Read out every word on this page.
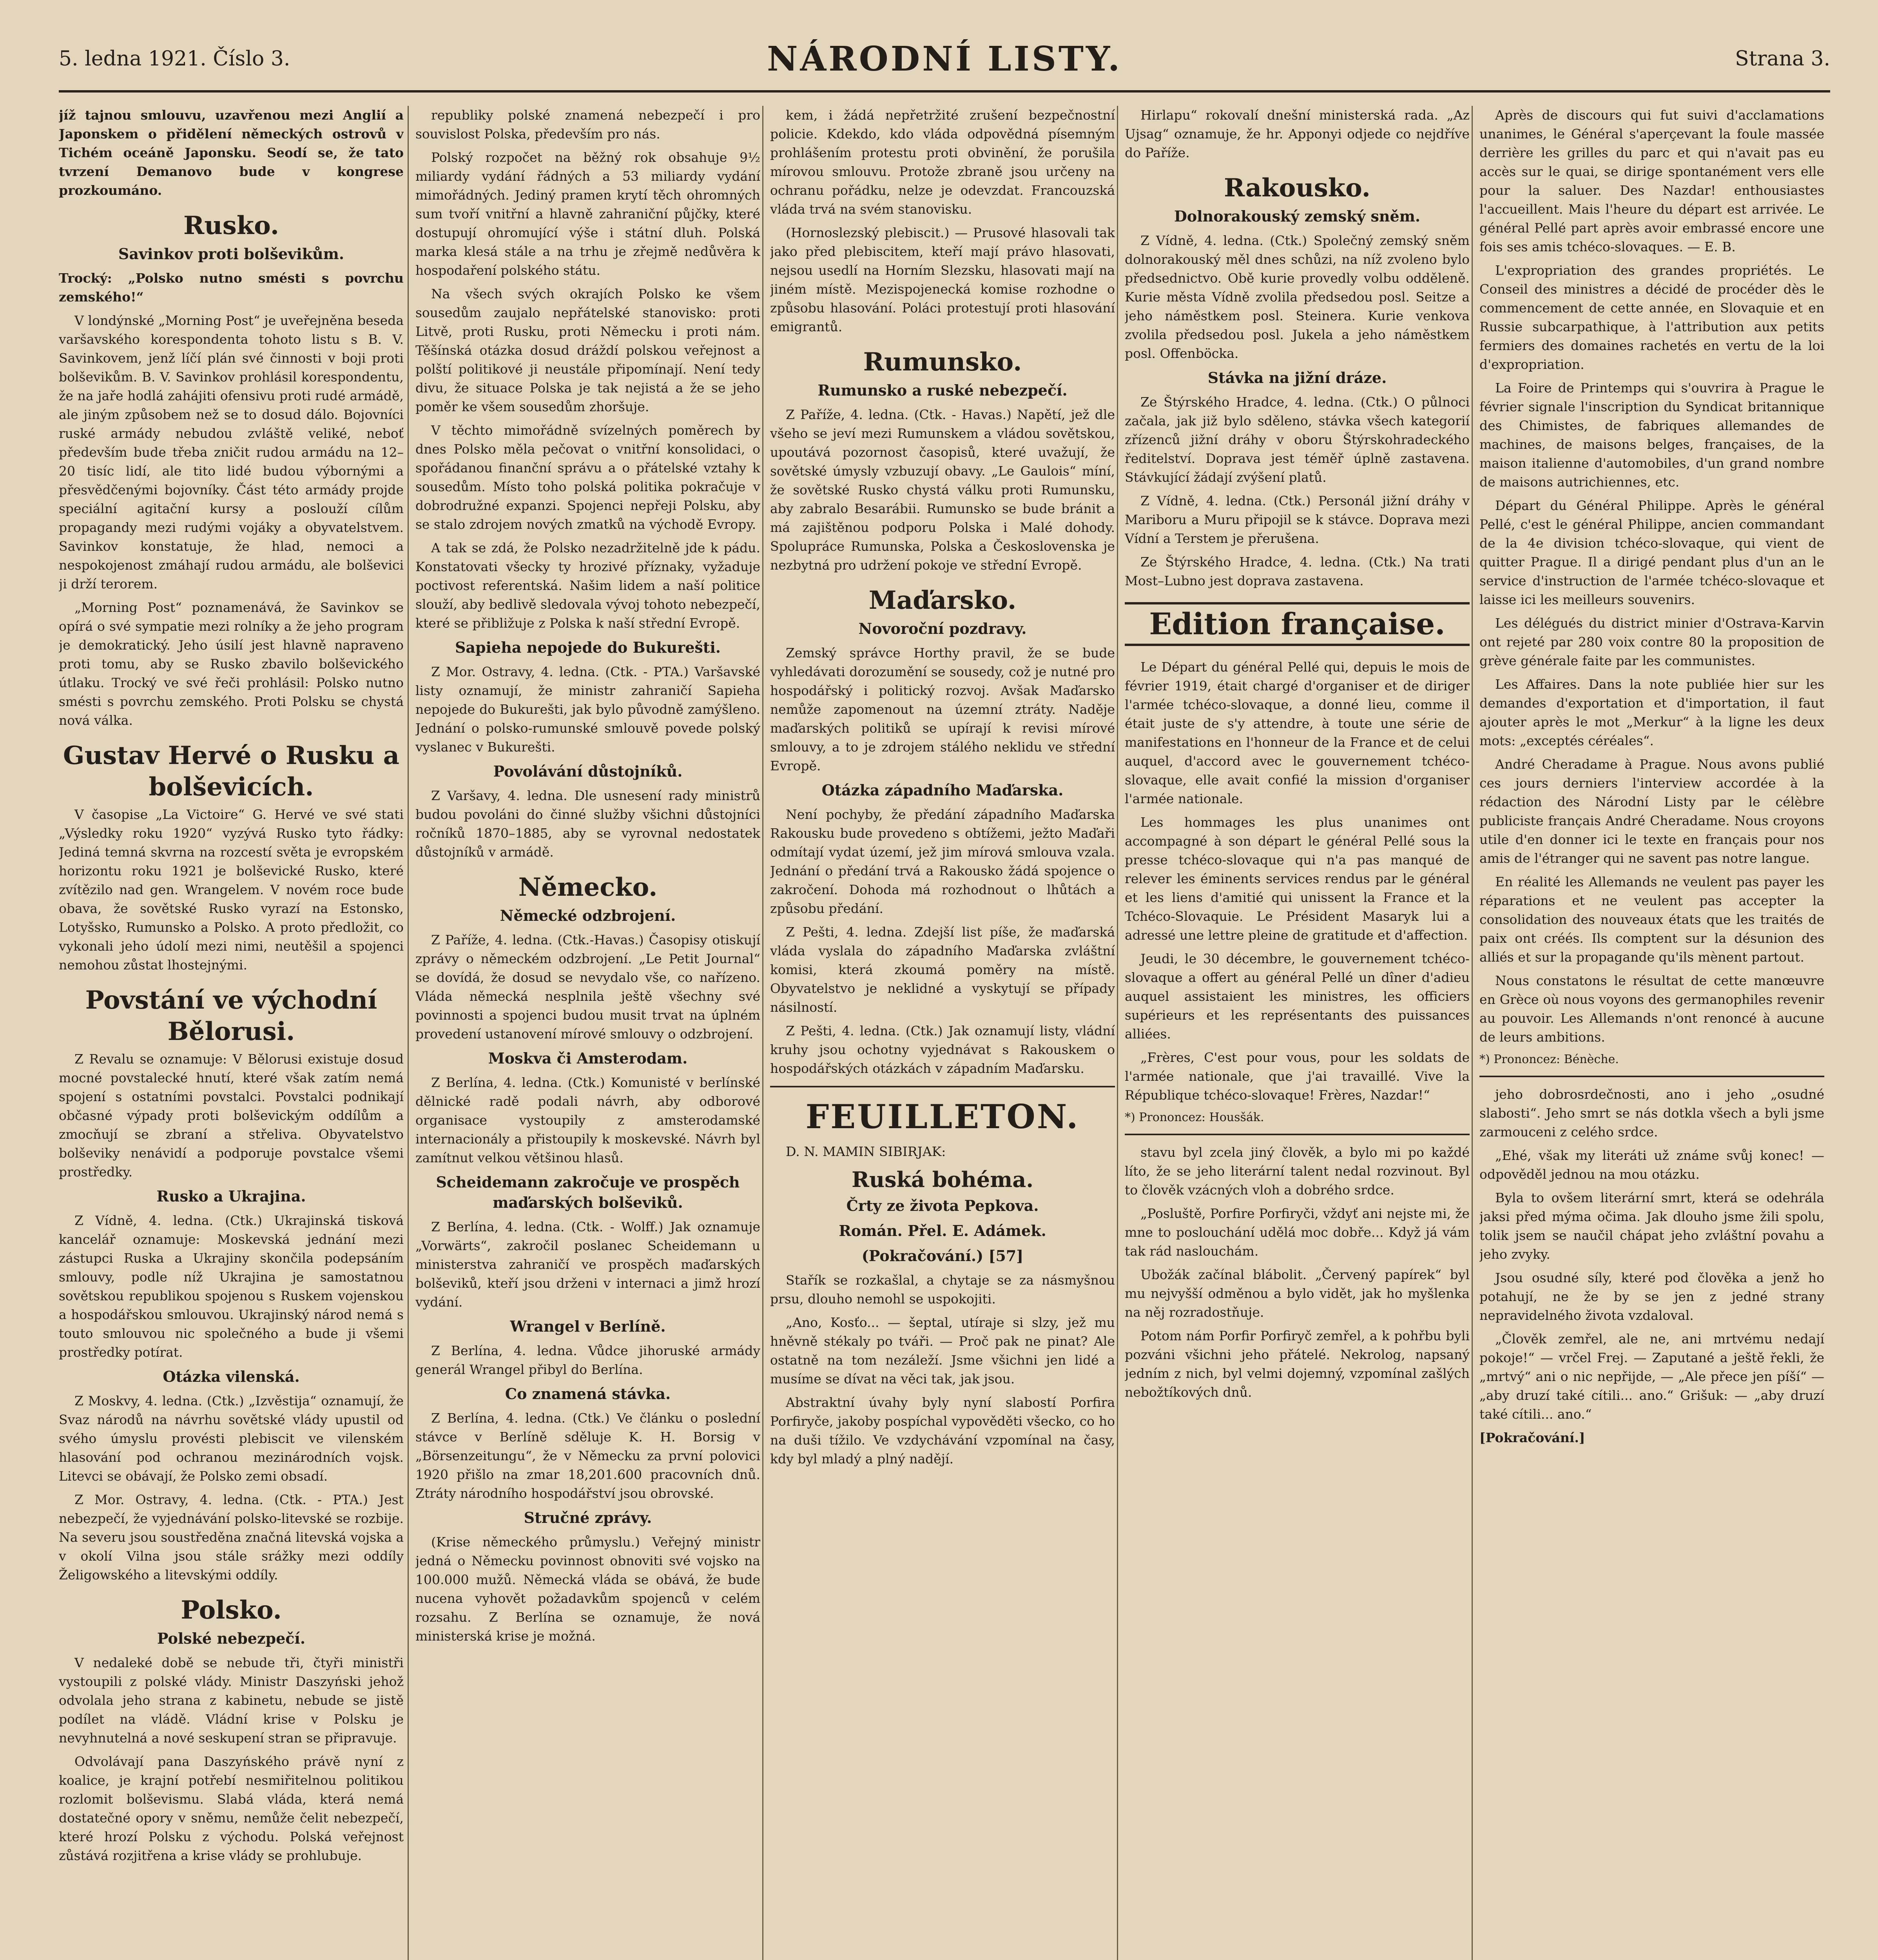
5. ledna 1921. Číslo 3.	NÁRODNÍ LISTY.	Strana 3.

jíž tajnou smlouvu, uzavřenou mezi Anglií a Japonskem o přidělení německých ostrovů v Tichém oceáně Japonsku. Seodí se, že tato tvrzení Demanovo bude v kongrese prozkoumáno.

Rusko.
Savinkov proti bolševikům.

Trocký: „Polsko nutno smésti s povrchu zemského!“

V londýnské „Morning Post“ je uveřejněna beseda varšavského korespondenta tohoto listu s B. V. Savinkovem, jenž líčí plán své činnosti v boji proti bolševikům. B. V. Savinkov prohlásil korespondentu, že na jaře hodlá zahájiti ofensivu proti rudé armádě, ale jiným způsobem než se to dosud dálo. Bojovníci ruské armády nebudou zvláště veliké, neboť především bude třeba zničit rudou armádu na 12–20 tisíc lidí, ale tito lidé budou výbornými a přesvědčenými bojovníky. Část této armády projde speciální agitační kursy a poslouží cílům propagandy mezi rudými vojáky a obyvatelstvem. Savinkov konstatuje, že hlad, nemoci a nespokojenost zmáhají rudou armádu, ale bolševici ji drží terorem.

„Morning Post“ poznamenává, že Savinkov se opírá o své sympatie mezi rolníky a že jeho program je demokratický. Jeho úsilí jest hlavně napraveno proti tomu, aby se Rusko zbavilo bolševického útlaku. Trocký ve své řeči prohlásil: Polsko nutno smésti s povrchu zemského. Proti Polsku se chystá nová válka.

Gustav Hervé o Rusku a bolševicích.

V časopise „La Victoire“ G. Hervé ve své stati „Výsledky roku 1920“ vyzývá Rusko tyto řádky: Jediná temná skvrna na rozcestí světa je evropském horizontu roku 1921 je bolševické Rusko, které zvítězilo nad gen. Wrangelem. V novém roce bude obava, že sovětské Rusko vyrazí na Estonsko, Lotyšsko, Rumunsko a Polsko. A proto předložit, co vykonali jeho údolí mezi nimi, neutěšil a spojenci nemohou zůstat lhostejnými.

Povstání ve východní Bělorusi.

Z Revalu se oznamuje: V Bělorusi existuje dosud mocné povstalecké hnutí, které však zatím nemá spojení s ostatními povstalci. Povstalci podnikají občasné výpady proti bolševickým oddílům a zmocňují se zbraní a střeliva. Obyvatelstvo bolševiky nenávidí a podporuje povstalce všemi prostředky.

Rusko a Ukrajina.

Z Vídně, 4. ledna. (Ctk.) Ukrajinská tisková kancelář oznamuje: Moskevská jednání mezi zástupci Ruska a Ukrajiny skončila podepsáním smlouvy, podle níž Ukrajina je samostatnou sovětskou republikou spojenou s Ruskem vojenskou a hospodářskou smlouvou. Ukrajinský národ nemá s touto smlouvou nic společného a bude ji všemi prostředky potírat.

Otázka vilenská.

Z Moskvy, 4. ledna. (Ctk.) „Izvěstija“ oznamují, že Svaz národů na návrhu sovětské vlády upustil od svého úmyslu provésti plebiscit ve vilenském hlasování pod ochranou mezinárodních vojsk. Litevci se obávají, že Polsko zemi obsadí.

Z Mor. Ostravy, 4. ledna. (Ctk. - PTA.) Jest nebezpečí, že vyjednávání polsko-litevské se rozbije. Na severu jsou soustředěna značná litevská vojska a v okolí Vilna jsou stále srážky mezi oddíly Želigowského a litevskými oddíly.

Polsko.
Polské nebezpečí.

V nedaleké době se nebude tři, čtyři ministři vystoupili z polské vlády. Ministr Daszyński jehož odvolala jeho strana z kabinetu, nebude se jistě podílet na vládě. Vládní krise v Polsku je nevyhnutelná a nové seskupení stran se připravuje.

Odvolávají pana Daszyńského právě nyní z koalice, je krajní potřebí nesmiřitelnou politikou rozlomit bolševismu. Slabá vláda, která nemá dostatečné opory v sněmu, nemůže čelit nebezpečí, které hrozí Polsku z východu. Polská veřejnost zůstává rozjitřena a krise vlády se prohlubuje.

republiky polské znamená nebezpečí i pro souvislost Polska, především pro nás.

Polský rozpočet na běžný rok obsahuje 9½ miliardy vydání řádných a 53 miliardy vydání mimořádných. Jediný pramen krytí těch ohromných sum tvoří vnitřní a hlavně zahraniční půjčky, které dostupují ohromující výše i státní dluh. Polská marka klesá stále a na trhu je zřejmě nedůvěra k hospodaření polského státu.

Na všech svých okrajích Polsko ke všem sousedům zaujalo nepřátelské stanovisko: proti Litvě, proti Rusku, proti Německu i proti nám. Těšínská otázka dosud dráždí polskou veřejnost a polští politikové ji neustále připomínají. Není tedy divu, že situace Polska je tak nejistá a že se jeho poměr ke všem sousedům zhoršuje.

V těchto mimořádně svízelných poměrech by dnes Polsko měla pečovat o vnitřní konsolidaci, o spořádanou finanční správu a o přátelské vztahy k sousedům. Místo toho polská politika pokračuje v dobrodružné expanzi. Spojenci nepřeji Polsku, aby se stalo zdrojem nových zmatků na východě Evropy.

A tak se zdá, že Polsko nezadržitelně jde k pádu. Konstatovati všecky ty hrozivé příznaky, vyžaduje poctivost referentská. Našim lidem a naší politice slouží, aby bedlivě sledovala vývoj tohoto nebezpečí, které se přibližuje z Polska k naší střední Evropě.

Sapieha nepojede do Bukurešti.

Z Mor. Ostravy, 4. ledna. (Ctk. - PTA.) Varšavské listy oznamují, že ministr zahraničí Sapieha nepojede do Bukurešti, jak bylo původně zamýšleno. Jednání o polsko-rumunské smlouvě povede polský vyslanec v Bukurešti.

Povolávání důstojníků.

Z Varšavy, 4. ledna. Dle usnesení rady ministrů budou povoláni do činné služby všichni důstojníci ročníků 1870–1885, aby se vyrovnal nedostatek důstojníků v armádě.

Německo.
Německé odzbrojení.

Z Paříže, 4. ledna. (Ctk.-Havas.) Časopisy otiskují zprávy o německém odzbrojení. „Le Petit Journal“ se dovídá, že dosud se nevydalo vše, co nařízeno. Vláda německá nesplnila ještě všechny své povinnosti a spojenci budou musit trvat na úplném provedení ustanovení mírové smlouvy o odzbrojení.

Moskva či Amsterodam.

Z Berlína, 4. ledna. (Ctk.) Komunisté v berlínské dělnické radě podali návrh, aby odborové organisace vystoupily z amsterodamské internacionály a přistoupily k moskevské. Návrh byl zamítnut velkou většinou hlasů.

Scheidemann zakročuje ve prospěch maďarských bolševiků.

Z Berlína, 4. ledna. (Ctk. - Wolff.) Jak oznamuje „Vorwärts“, zakročil poslanec Scheidemann u ministerstva zahraničí ve prospěch maďarských bolševiků, kteří jsou drženi v internaci a jimž hrozí vydání.

Wrangel v Berlíně.

Z Berlína, 4. ledna. Vůdce jihoruské armády generál Wrangel přibyl do Berlína.

Co znamená stávka.

Z Berlína, 4. ledna. (Ctk.) Ve článku o poslední stávce v Berlíně sděluje K. H. Borsig v „Börsenzeitungu“, že v Německu za první polovici 1920 přišlo na zmar 18,201.600 pracovních dnů. Ztráty národního hospodářství jsou obrovské.

Stručné zprávy.

(Krise německého průmyslu.) Veřejný ministr jedná o Německu povinnost obnoviti své vojsko na 100.000 mužů. Německá vláda se obává, že bude nucena vyhovět požadavkům spojenců v celém rozsahu. Z Berlína se oznamuje, že nová ministerská krise je možná.

kem, i žádá nepřetržité zrušení bezpečnostní policie. Kdekdo, kdo vláda odpovědná písemným prohlášením protestu proti obvinění, že porušila mírovou smlouvu. Protože zbraně jsou určeny na ochranu pořádku, nelze je odevzdat. Francouzská vláda trvá na svém stanovisku.

(Hornoslezský plebiscit.) — Prusové hlasovali tak jako před plebiscitem, kteří mají právo hlasovati, nejsou usedlí na Horním Slezsku, hlasovati mají na jiném místě. Mezispojenecká komise rozhodne o způsobu hlasování. Poláci protestují proti hlasování emigrantů.

Rumunsko.
Rumunsko a ruské nebezpečí.

Z Paříže, 4. ledna. (Ctk. - Havas.) Napětí, jež dle všeho se jeví mezi Rumunskem a vládou sovětskou, upoutává pozornost časopisů, které uvažují, že sovětské úmysly vzbuzují obavy. „Le Gaulois“ míní, že sovětské Rusko chystá válku proti Rumunsku, aby zabralo Besarábii. Rumunsko se bude bránit a má zajištěnou podporu Polska i Malé dohody. Spolupráce Rumunska, Polska a Československa je nezbytná pro udržení pokoje ve střední Evropě.

Maďarsko.
Novoroční pozdravy.

Zemský správce Horthy pravil, že se bude vyhledávati dorozumění se sousedy, což je nutné pro hospodářský i politický rozvoj. Avšak Maďarsko nemůže zapomenout na územní ztráty. Naděje maďarských politiků se upírají k revisi mírové smlouvy, a to je zdrojem stálého neklidu ve střední Evropě.

Otázka západního Maďarska.

Není pochyby, že předání západního Maďarska Rakousku bude provedeno s obtížemi, ježto Maďaři odmítají vydat území, jež jim mírová smlouva vzala. Jednání o předání trvá a Rakousko žádá spojence o zakročení. Dohoda má rozhodnout o lhůtách a způsobu předání.

Z Pešti, 4. ledna. Zdejší list píše, že maďarská vláda vyslala do západního Maďarska zvláštní komisi, která zkoumá poměry na místě. Obyvatelstvo je neklidné a vyskytují se případy násilností.

Z Pešti, 4. ledna. (Ctk.) Jak oznamují listy, vládní kruhy jsou ochotny vyjednávat s Rakouskem o hospodářských otázkách v západním Maďarsku.

FEUILLETON.

D. N. MAMIN SIBIRJAK:

Ruská bohéma.
Črty ze života Pepkova.
Román. Přel. E. Adámek.
(Pokračování.) [57]

Stařík se rozkašlal, a chytaje se za násmyšnou prsu, dlouho nemohl se uspokojiti.

„Ano, Kosťo... — šeptal, utíraje si slzy, jež mu hněvně stékaly po tváři. — Proč pak ne pinat? Ale ostatně na tom nezáleží. Jsme všichni jen lidé a musíme se dívat na věci tak, jak jsou.

Abstraktní úvahy byly nyní slabostí Porfira Porfiryče, jakoby pospíchal vypověděti všecko, co ho na duši tížilo. Ve vzdychávání vzpomínal na časy, kdy byl mladý a plný nadějí.

Hirlapu“ rokovalí dnešní ministerská rada. „Az Ujsag“ oznamuje, že hr. Apponyi odjede co nejdříve do Paříže.

Rakousko.
Dolnorakouský zemský sněm.

Z Vídně, 4. ledna. (Ctk.) Společný zemský sněm dolnorakouský měl dnes schůzi, na níž zvoleno bylo předsednictvo. Obě kurie provedly volbu odděleně. Kurie města Vídně zvolila předsedou posl. Seitze a jeho náměstkem posl. Steinera. Kurie venkova zvolila předsedou posl. Jukela a jeho náměstkem posl. Offenböcka.

Stávka na jižní dráze.

Ze Štýrského Hradce, 4. ledna. (Ctk.) O půlnoci začala, jak již bylo sděleno, stávka všech kategorií zřízenců jižní dráhy v oboru Štýrskohradeckého ředitelství. Doprava jest téměř úplně zastavena. Stávkující žádají zvýšení platů.

Z Vídně, 4. ledna. (Ctk.) Personál jižní dráhy v Mariboru a Muru připojil se k stávce. Doprava mezi Vídní a Terstem je přerušena.

Ze Štýrského Hradce, 4. ledna. (Ctk.) Na trati Most–Lubno jest doprava zastavena.

Edition française.

Le Départ du général Pellé qui, depuis le mois de février 1919, était chargé d'organiser et de diriger l'armée tchéco-slovaque, a donné lieu, comme il était juste de s'y attendre, à toute une série de manifestations en l'honneur de la France et de celui auquel, d'accord avec le gouvernement tchéco-slovaque, elle avait confié la mission d'organiser l'armée nationale.

Les hommages les plus unanimes ont accompagné à son départ le général Pellé sous la presse tchéco-slovaque qui n'a pas manqué de relever les éminents services rendus par le général et les liens d'amitié qui unissent la France et la Tchéco-Slovaquie. Le Président Masaryk lui a adressé une lettre pleine de gratitude et d'affection.

Jeudi, le 30 décembre, le gouvernement tchéco-slovaque a offert au général Pellé un dîner d'adieu auquel assistaient les ministres, les officiers supérieurs et les représentants des puissances alliées.

„Frères, C'est pour vous, pour les soldats de l'armée nationale, que j'ai travaillé. Vive la République tchéco-slovaque! Frères, Nazdar!“

*) Prononcez: Housšák.

stavu byl zcela jiný člověk, a bylo mi po každé líto, že se jeho literární talent nedal rozvinout. Byl to člověk vzácných vloh a dobrého srdce.

„Posluště, Porfire Porfiryči, vždyť ani nejste mi, že mne to poslouchání udělá moc dobře... Když já vám tak rád naslouchám.

Ubožák začínal blábolit. „Červený papírek“ byl mu nejvyšší odměnou a bylo vidět, jak ho myšlenka na něj rozradostňuje.

Potom nám Porfir Porfiryč zemřel, a k pohřbu byli pozváni všichni jeho přátelé. Nekrolog, napsaný jedním z nich, byl velmi dojemný, vzpomínal zašlých nebožtíkových dnů.

Après de discours qui fut suivi d'acclamations unanimes, le Général s'aperçevant la foule massée derrière les grilles du parc et qui n'avait pas eu accès sur le quai, se dirige spontanément vers elle pour la saluer. Des Nazdar! enthousiastes l'accueillent. Mais l'heure du départ est arrivée. Le général Pellé part après avoir embrassé encore une fois ses amis tchéco-slovaques. — E. B.

L'expropriation des grandes propriétés. Le Conseil des ministres a décidé de procéder dès le commencement de cette année, en Slovaquie et en Russie subcarpathique, à l'attribution aux petits fermiers des domaines rachetés en vertu de la loi d'expropriation.

La Foire de Printemps qui s'ouvrira à Prague le février signale l'inscription du Syndicat britannique des Chimistes, de fabriques allemandes de machines, de maisons belges, françaises, de la maison italienne d'automobiles, d'un grand nombre de maisons autrichiennes, etc.

Départ du Général Philippe. Après le général Pellé, c'est le général Philippe, ancien commandant de la 4e division tchéco-slovaque, qui vient de quitter Prague. Il a dirigé pendant plus d'un an le service d'instruction de l'armée tchéco-slovaque et laisse ici les meilleurs souvenirs.

Les délégués du district minier d'Ostrava-Karvin ont rejeté par 280 voix contre 80 la proposition de grève générale faite par les communistes.

Les Affaires. Dans la note publiée hier sur les demandes d'exportation et d'importation, il faut ajouter après le mot „Merkur“ à la ligne les deux mots: „exceptés céréales“.

André Cheradame à Prague. Nous avons publié ces jours derniers l'interview accordée à la rédaction des Národní Listy par le célèbre publiciste français André Cheradame. Nous croyons utile d'en donner ici le texte en français pour nos amis de l'étranger qui ne savent pas notre langue.

En réalité les Allemands ne veulent pas payer les réparations et ne veulent pas accepter la consolidation des nouveaux états que les traités de paix ont créés. Ils comptent sur la désunion des alliés et sur la propagande qu'ils mènent partout.

Nous constatons le résultat de cette manœuvre en Grèce où nous voyons des germanophiles revenir au pouvoir. Les Allemands n'ont renoncé à aucune de leurs ambitions.

*) Prononcez: Bénèche.

jeho dobrosrdečnosti, ano i jeho „osudné slabosti“. Jeho smrt se nás dotkla všech a byli jsme zarmouceni z celého srdce.

„Ehé, však my literáti už známe svůj konec! — odpověděl jednou na mou otázku.

Byla to ovšem literární smrt, která se odehrála jaksi před mýma očima. Jak dlouho jsme žili spolu, tolik jsem se naučil chápat jeho zvláštní povahu a jeho zvyky.

Jsou osudné síly, které pod člověka a jenž ho potahují, ne že by se jen z jedné strany nepravidelného života vzdaloval.

„Člověk zemřel, ale ne, ani mrtvému nedají pokoje!“ — vrčel Frej. — Zaputané a ještě řekli, že „mrtvý“ ani o nic nepřijde, — „Ale přece jen píší“ — „aby druzí také cítili... ano.“ Grišuk: — „aby druzí také cítili... ano.“

[Pokračování.]
